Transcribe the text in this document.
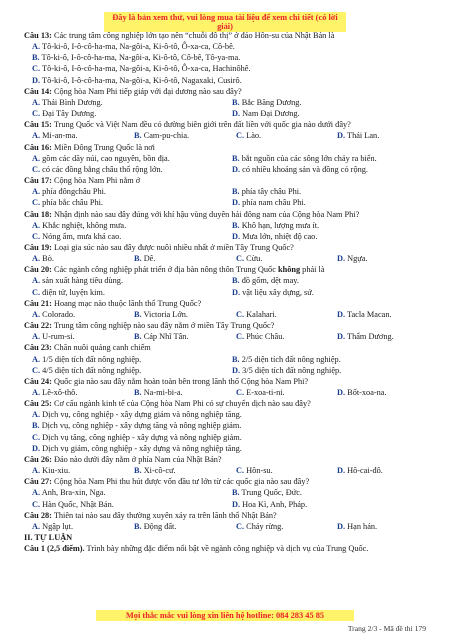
Đây là bản xem thử, vui lòng mua tài liệu để xem chi tiết (có lời giải)
Câu 13: Các trung tâm công nghiệp lớn tạo nên “chuỗi đô thị” ở đảo Hôn-su của Nhật Bản là
A. Tô-ki-ô, I-ô-cô-ha-ma, Na-gôi-a, Ki-ô-tô, Ô-xa-ca, Cô-bê.
B. Tô-ki-ô, I-ô-cô-ha-ma, Na-gôi-a, Ki-ô-tô, Cô-bê, Tô-ya-ma.
C. Tô-ki-ô, I-ô-cô-ha-ma, Na-gôi-a, Ki-ô-tô, Ô-xa-ca, Hachinôhê.
D. Tô-ki-ô, I-ô-cô-ha-ma, Na-gôi-a, Ki-ô-tô, Nagaxaki, Cusirô.
Câu 14: Cộng hòa Nam Phi tiếp giáp với đại dương nào sau đây?
A. Thái Bình Dương.	B. Bắc Băng Dương.
C. Đại Tây Dương.	D. Nam Đại Dương.
Câu 15: Trung Quốc và Việt Nam đều có đường biên giới trên đất liền với quốc gia nào dưới đây?
A. Mi-an-ma.	B. Cam-pu-chia.	C. Lào.	D. Thái Lan.
Câu 16: Miền Đông Trung Quốc là nơi
A. gồm các dãy núi, cao nguyên, bồn địa.	B. bắt nguồn của các sông lớn chảy ra biển.
C. có các đồng bằng châu thổ rộng lớn.	D. có nhiều khoáng sản và đồng cỏ rộng.
Câu 17: Cộng hòa Nam Phi nằm ở
A. phía đôngchâu Phi.	B. phía tây châu Phi.
C. phía bắc châu Phi.	D. phía nam châu Phi.
Câu 18: Nhận định nào sau đây đúng với khí hậu vùng duyên hải đông nam của Cộng hòa Nam Phi?
A. Khắc nghiệt, không mưa.	B. Khô hạn, lượng mưa ít.
C. Nóng ẩm, mưa khá cao.	D. Mưa lớn, nhiệt độ cao.
Câu 19: Loại gia súc nào sau đây được nuôi nhiều nhất ở miền Tây Trung Quốc?
A. Bò.	B. Dê.	C. Cừu.	D. Ngựa.
Câu 20: Các ngành công nghiệp phát triển ở địa bàn nông thôn Trung Quốc không phải là
A. sản xuất hàng tiêu dùng.	B. đồ gốm, dệt may.
C. điện tử, luyện kim.	D. vật liệu xây dựng, sứ.
Câu 21: Hoang mạc nào thuộc lãnh thổ Trung Quốc?
A. Colorado.	B. Victoria Lớn.	C. Kalahari.	D. Tacla Macan.
Câu 22: Trung tâm công nghiệp nào sau đây nằm ở miền Tây Trung Quốc?
A. U-rum-si.	B. Cáp Nhĩ Tân.	C. Phúc Châu.	D. Thẩm Dương.
Câu 23: Chăn nuôi quảng canh chiếm
A. 1/5 diện tích đất nông nghiệp.	B. 2/5 diện tích đất nông nghiệp.
C. 4/5 diện tích đất nông nghiệp.	D. 3/5 diện tích đất nông nghiệp.
Câu 24: Quốc gia nào sau đây nằm hoàn toàn bên trong lãnh thổ Cộng hòa Nam Phi?
A. Lê-xô-thô.	B. Na-mi-bi-a.	C. E-xoa-ti-ni.	D. Bốt-xoa-na.
Câu 25: Cơ cấu ngành kinh tế của Cộng hòa Nam Phi có sự chuyển dịch nào sau đây?
A. Dịch vụ, công nghiệp - xây dựng giảm và nông nghiệp tăng.
B. Dịch vụ, công nghiệp - xây dựng tăng và nông nghiệp giảm.
C. Dịch vụ tăng, công nghiệp - xây dựng và nông nghiệp giảm.
D. Dịch vụ giảm, công nghiệp - xây dựng và nông nghiệp tăng.
Câu 26: Đảo nào dưới đây nằm ở phía Nam của Nhật Bản?
A. Kiu-xiu.	B. Xi-cô-cư.	C. Hôn-su.	D. Hô-cai-đô.
Câu 27: Cộng hòa Nam Phi thu hút được vốn đầu tư lớn từ các quốc gia nào sau đây?
A. Anh, Bra-xin, Nga.	B. Trung Quốc, Đức.
C. Hàn Quốc, Nhật Bản.	D. Hoa Kì, Anh, Pháp.
Câu 28: Thiên tai nào sau đây thường xuyên xảy ra trên lãnh thổ Nhật Bản?
A. Ngập lụt.	B. Động đất.	C. Cháy rừng.	D. Hạn hán.
II. TỰ LUẬN
Câu 1 (2,5 điểm). Trình bày những đặc điểm nổi bật về ngành công nghiệp và dịch vụ của Trung Quốc.
Mọi thắc mắc vui lòng xin liên hệ hotline: 084 283 45 85
Trang 2/3 - Mã đề thi 179
